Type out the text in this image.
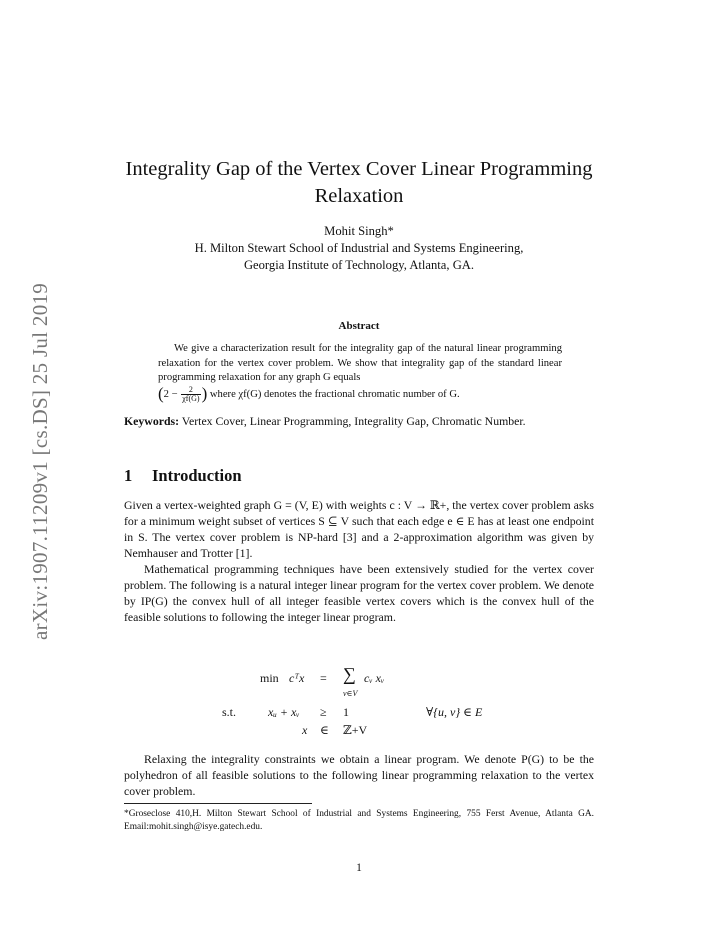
arXiv:1907.11209v1 [cs.DS] 25 Jul 2019
Integrality Gap of the Vertex Cover Linear Programming Relaxation
Mohit Singh*
H. Milton Stewart School of Industrial and Systems Engineering,
Georgia Institute of Technology, Atlanta, GA.
Abstract
We give a characterization result for the integrality gap of the natural linear programming relaxation for the vertex cover problem. We show that integrality gap of the standard linear programming relaxation for any graph G equals
($2 - \frac{2}{\chi f(G)}$ ) where χf(G) denotes the fractional chromatic number of G.
Keywords: Vertex Cover, Linear Programming, Integrality Gap, Chromatic Number.
1 Introduction
Given a vertex-weighted graph G = (V, E) with weights c : V → ℝ+, the vertex cover problem asks for a minimum weight subset of vertices S ⊆ V such that each edge e ∈ E has at least one endpoint in S. The vertex cover problem is NP-hard [3] and a 2-approximation algorithm was given by Nemhauser and Trotter [1].
Mathematical programming techniques have been extensively studied for the vertex cover problem. The following is a natural integer linear program for the vertex cover problem. We denote by IP(G) the convex hull of all integer feasible vertex covers which is the convex hull of the feasible solutions to following the integer linear program.
min cᵀx = ∑
v∈V
cᵥ xᵥ
s.t.	xᵤ + xᵥ ≥ 1	∀{u, v} ∈ E
x ∈ ℤ+V
Relaxing the integrality constraints we obtain a linear program. We denote P(G) to be the polyhedron of all feasible solutions to the following linear programming relaxation to the vertex cover problem.
*Groseclose 410,H. Milton Stewart School of Industrial and Systems Engineering, 755 Ferst Avenue, Atlanta GA. Email:mohit.singh@isye.gatech.edu.
1
